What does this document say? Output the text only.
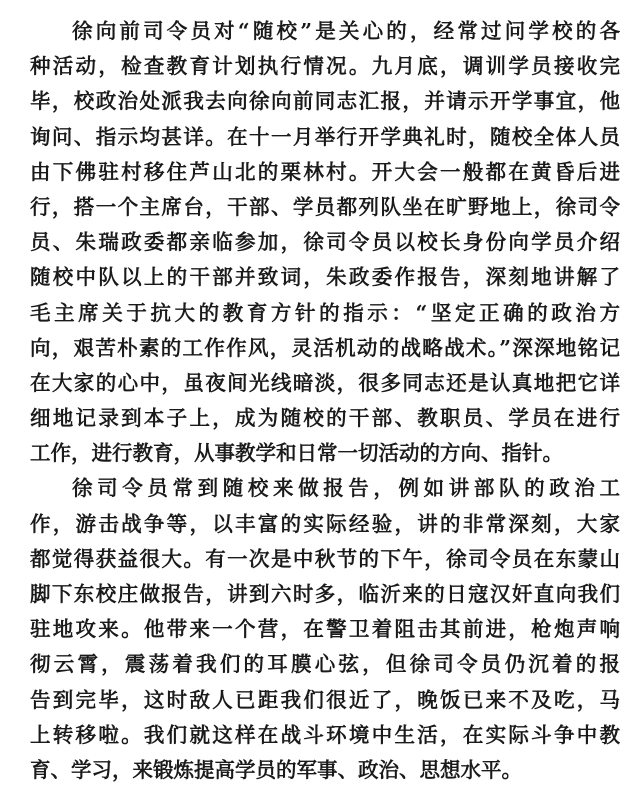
徐向前司令员对“随校”是关心的，经常过问学校的各
种活动，检查教育计划执行情况。九月底，调训学员接收完
毕，校政治处派我去向徐向前同志汇报，并请示开学事宜，他
询问、指示均甚详。在十一月举行开学典礼时，随校全体人员
由下佛驻村移住芦山北的栗林村。开大会一般都在黄昏后进
行，搭一个主席台，干部、学员都列队坐在旷野地上，徐司令
员、朱瑞政委都亲临参加，徐司令员以校长身份向学员介绍
随校中队以上的干部并致词，朱政委作报告，深刻地讲解了
毛主席关于抗大的教育方针的指示：“坚定正确的政治方
向，艰苦朴素的工作作风，灵活机动的战略战术。”深深地铭记
在大家的心中，虽夜间光线暗淡，很多同志还是认真地把它详
细地记录到本子上，成为随校的干部、教职员、学员在进行
工作，进行教育，从事教学和日常一切活动的方向、指针。
徐司令员常到随校来做报告，例如讲部队的政治工
作，游击战争等，以丰富的实际经验，讲的非常深刻，大家
都觉得获益很大。有一次是中秋节的下午，徐司令员在东蒙山
脚下东校庄做报告，讲到六时多，临沂来的日寇汉奸直向我们
驻地攻来。他带来一个营，在警卫着阻击其前进，枪炮声响
彻云霄，震荡着我们的耳膜心弦，但徐司令员仍沉着的报
告到完毕，这时敌人已距我们很近了，晚饭已来不及吃，马
上转移啦。我们就这样在战斗环境中生活，在实际斗争中教
育、学习，来锻炼提高学员的军事、政治、思想水平。
